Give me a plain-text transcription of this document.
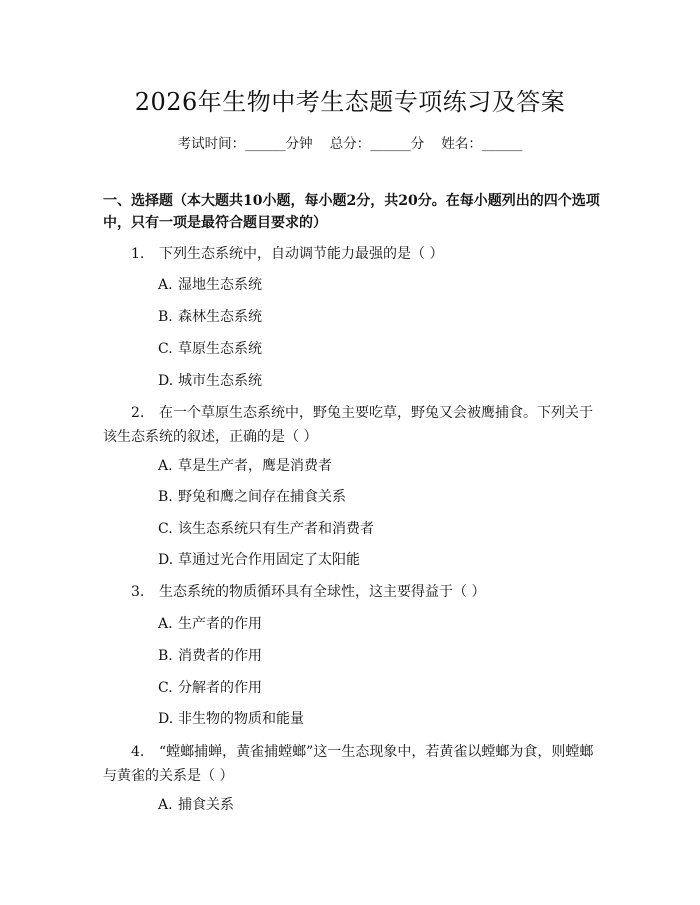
2026年生物中考生态题专项练习及答案
考试时间：______分钟    总分：______分    姓名：______
一、选择题（本大题共10小题，每小题2分，共20分。在每小题列出的四个选项中，只有一项是最符合题目要求的）
1. 下列生态系统中，自动调节能力最强的是（ ）
A. 湿地生态系统
B. 森林生态系统
C. 草原生态系统
D. 城市生态系统
2. 在一个草原生态系统中，野兔主要吃草，野兔又会被鹰捕食。下列关于该生态系统的叙述，正确的是（ ）
A. 草是生产者，鹰是消费者
B. 野兔和鹰之间存在捕食关系
C. 该生态系统只有生产者和消费者
D. 草通过光合作用固定了太阳能
3. 生态系统的物质循环具有全球性，这主要得益于（ ）
A. 生产者的作用
B. 消费者的作用
C. 分解者的作用
D. 非生物的物质和能量
4. “螳螂捕蝉，黄雀捕螳螂”这一生态现象中，若黄雀以螳螂为食，则螳螂与黄雀的关系是（ ）
A. 捕食关系
